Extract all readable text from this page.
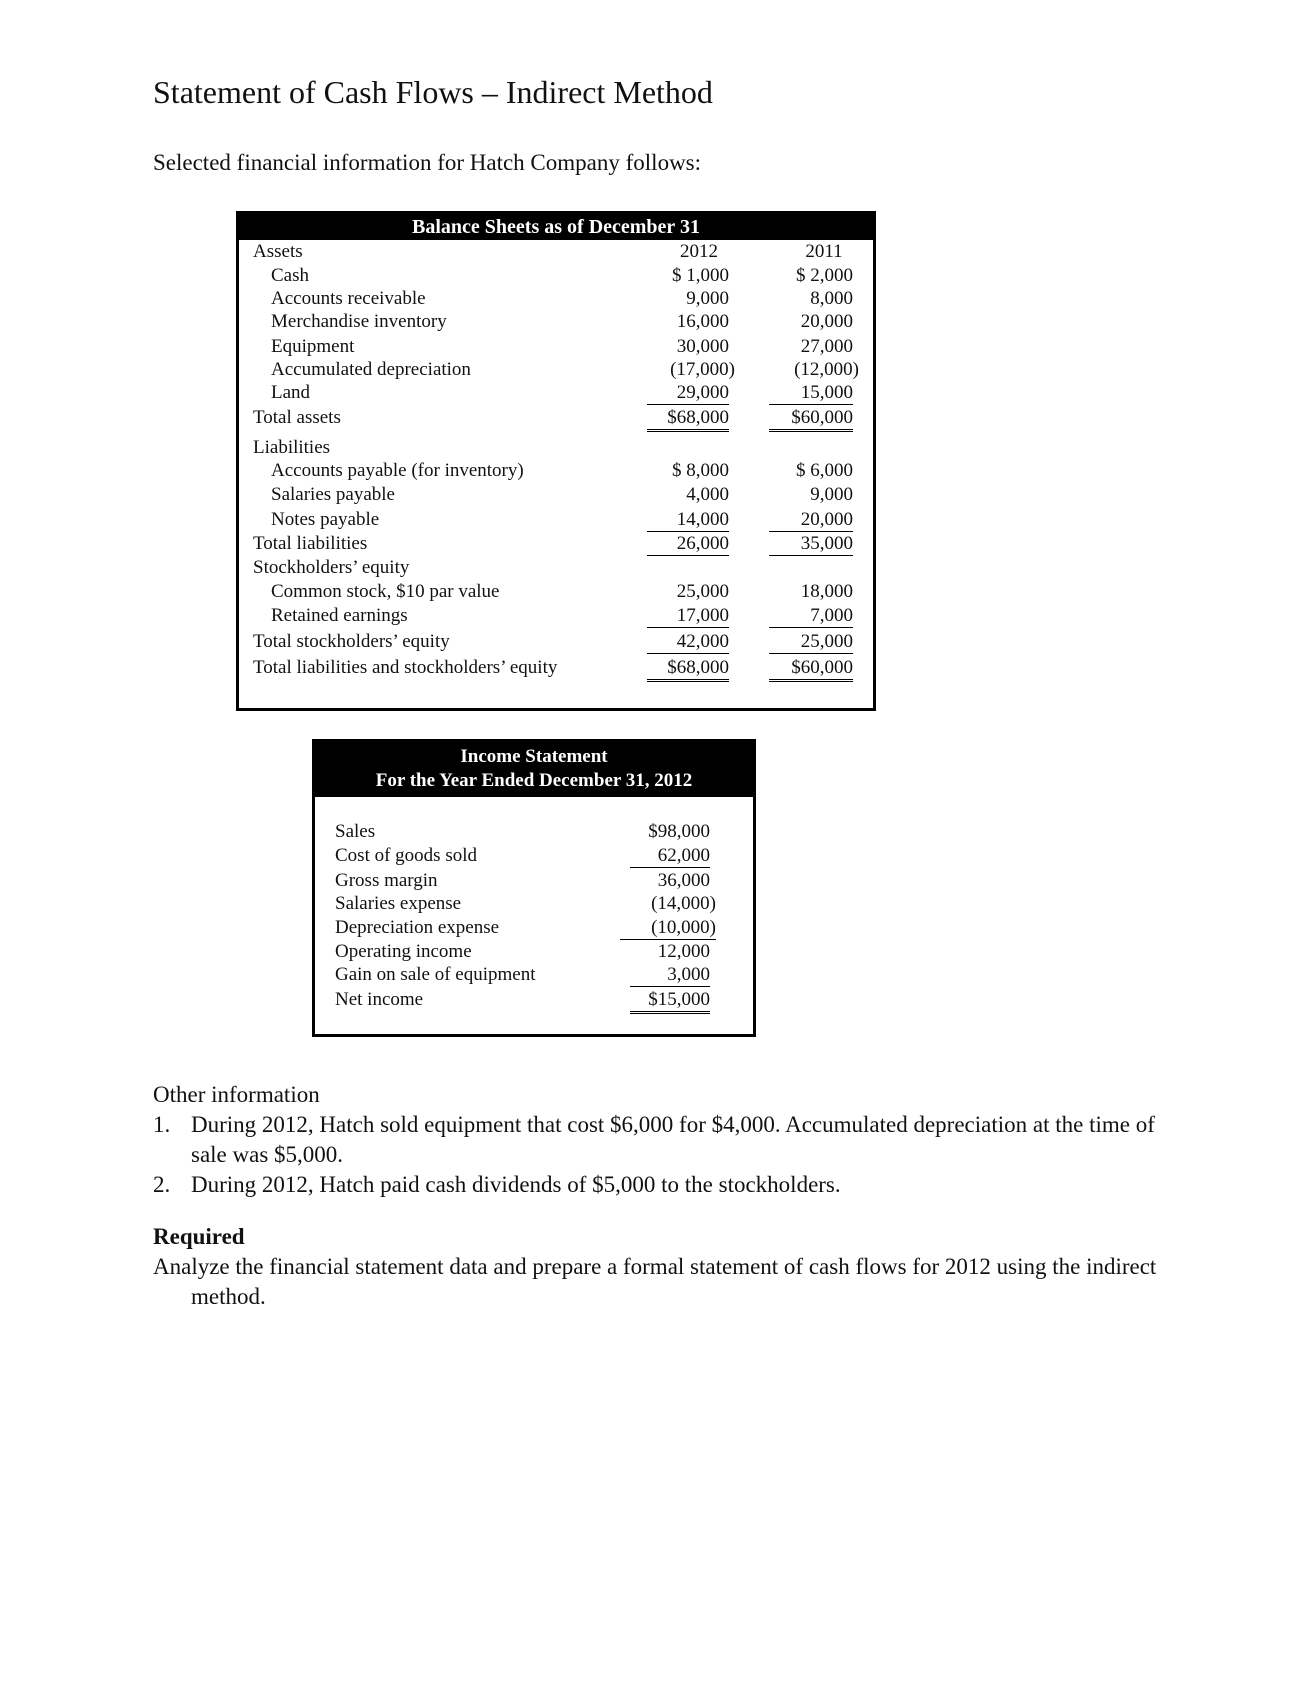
Statement of Cash Flows – Indirect Method
Selected financial information for Hatch Company follows:
Balance Sheets as of December 31
Assets	2012	2011
Cash	$ 1,000	$ 2,000
Accounts receivable	9,000	8,000
Merchandise inventory	16,000	20,000
Equipment	30,000	27,000
Accumulated depreciation	(17,000)	(12,000)
Land	29,000	15,000
Total assets	$68,000	$60,000
Liabilities
Accounts payable (for inventory)	$ 8,000	$ 6,000
Salaries payable	4,000	9,000
Notes payable	14,000	20,000
Total liabilities	26,000	35,000
Stockholders’ equity
Common stock, $10 par value	25,000	18,000
Retained earnings	17,000	7,000
Total stockholders’ equity	42,000	25,000
Total liabilities and stockholders’ equity	$68,000	$60,000
Income Statement
For the Year Ended December 31, 2012
Sales	$98,000
Cost of goods sold	62,000
Gross margin	36,000
Salaries expense	(14,000)
Depreciation expense	(10,000)
Operating income	12,000
Gain on sale of equipment	3,000
Net income	$15,000
Other information
1. During 2012, Hatch sold equipment that cost $6,000 for $4,000. Accumulated depreciation at the time of sale was $5,000.
2. During 2012, Hatch paid cash dividends of $5,000 to the stockholders.
Required
Analyze the financial statement data and prepare a formal statement of cash flows for 2012 using the indirect method.
